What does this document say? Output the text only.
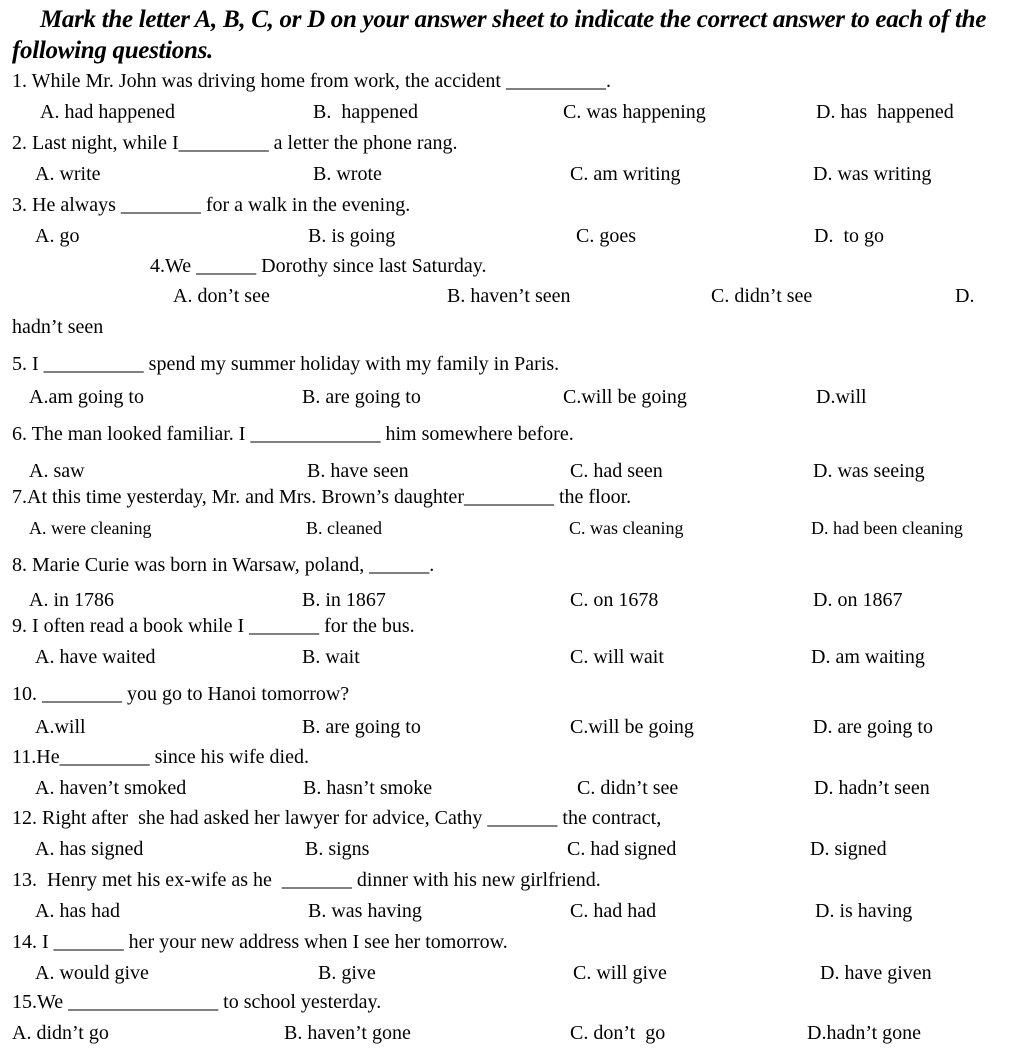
Mark the letter A, B, C, or D on your answer sheet to indicate the correct answer to each of the following questions.
1. While Mr. John was driving home from work, the accident __________.
A. had happened	B.  happened	C. was happening	D. has  happened
2. Last night, while I_________ a letter the phone rang.
A. write	B. wrote	C. am writing	D. was writing
3. He always ________ for a walk in the evening.
A. go	B. is going	C. goes	D.  to go
4.We ______ Dorothy since last Saturday.
A. don’t see	B. haven’t seen	C. didn’t see	D.
hadn’t seen
5. I __________ spend my summer holiday with my family in Paris.
A.am going to	B. are going to	C.will be going	D.will
6. The man looked familiar. I _____________ him somewhere before.
A. saw	B. have seen	C. had seen	D. was seeing
7.At this time yesterday, Mr. and Mrs. Brown’s daughter_________ the floor.
A. were cleaning	B. cleaned	C. was cleaning	D. had been cleaning
8. Marie Curie was born in Warsaw, poland, ______.
A. in 1786	B. in 1867	C. on 1678	D. on 1867
9. I often read a book while I _______ for the bus.
A. have waited	B. wait	C. will wait	D. am waiting
10. ________ you go to Hanoi tomorrow?
A.will	B. are going to	C.will be going	D. are going to
11.He_________ since his wife died.
A. haven’t smoked	B. hasn’t smoke	C. didn’t see	D. hadn’t seen
12. Right after  she had asked her lawyer for advice, Cathy _______ the contract,
A. has signed	B. signs	C. had signed	D. signed
13.  Henry met his ex-wife as he  _______ dinner with his new girlfriend.
A. has had	B. was having	C. had had	D. is having
14. I _______ her your new address when I see her tomorrow.
A. would give	B. give	C. will give	D. have given
15.We _______________ to school yesterday.
A. didn’t go	B. haven’t gone	C. don’t  go	D.hadn’t gone
